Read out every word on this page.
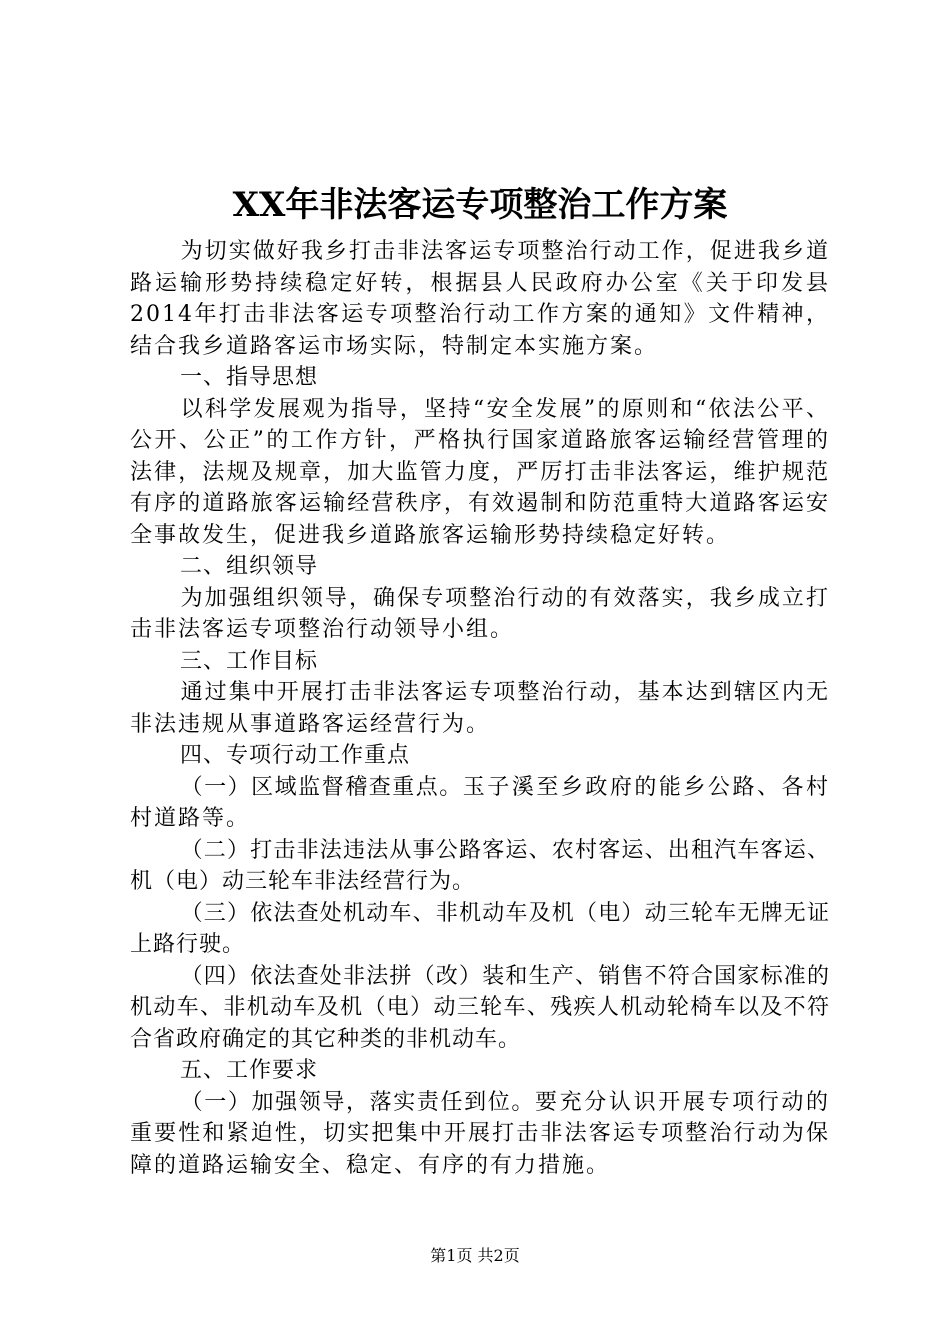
XX年非法客运专项整治工作方案

为切实做好我乡打击非法客运专项整治行动工作，促进我乡道路运输形势持续稳定好转，根据县人民政府办公室《关于印发县2014年打击非法客运专项整治行动工作方案的通知》文件精神，结合我乡道路客运市场实际，特制定本实施方案。

一、指导思想

以科学发展观为指导，坚持“安全发展”的原则和“依法公平、公开、公正”的工作方针，严格执行国家道路旅客运输经营管理的法律，法规及规章，加大监管力度，严厉打击非法客运，维护规范有序的道路旅客运输经营秩序，有效遏制和防范重特大道路客运安全事故发生，促进我乡道路旅客运输形势持续稳定好转。

二、组织领导

为加强组织领导，确保专项整治行动的有效落实，我乡成立打击非法客运专项整治行动领导小组。

三、工作目标

通过集中开展打击非法客运专项整治行动，基本达到辖区内无非法违规从事道路客运经营行为。

四、专项行动工作重点

（一）区域监督稽查重点。玉子溪至乡政府的能乡公路、各村村道路等。

（二）打击非法违法从事公路客运、农村客运、出租汽车客运、机（电）动三轮车非法经营行为。

（三）依法查处机动车、非机动车及机（电）动三轮车无牌无证上路行驶。

（四）依法查处非法拼（改）装和生产、销售不符合国家标准的机动车、非机动车及机（电）动三轮车、残疾人机动轮椅车以及不符合省政府确定的其它种类的非机动车。

五、工作要求

（一）加强领导，落实责任到位。要充分认识开展专项行动的重要性和紧迫性，切实把集中开展打击非法客运专项整治行动为保障的道路运输安全、稳定、有序的有力措施。

第1页 共2页
